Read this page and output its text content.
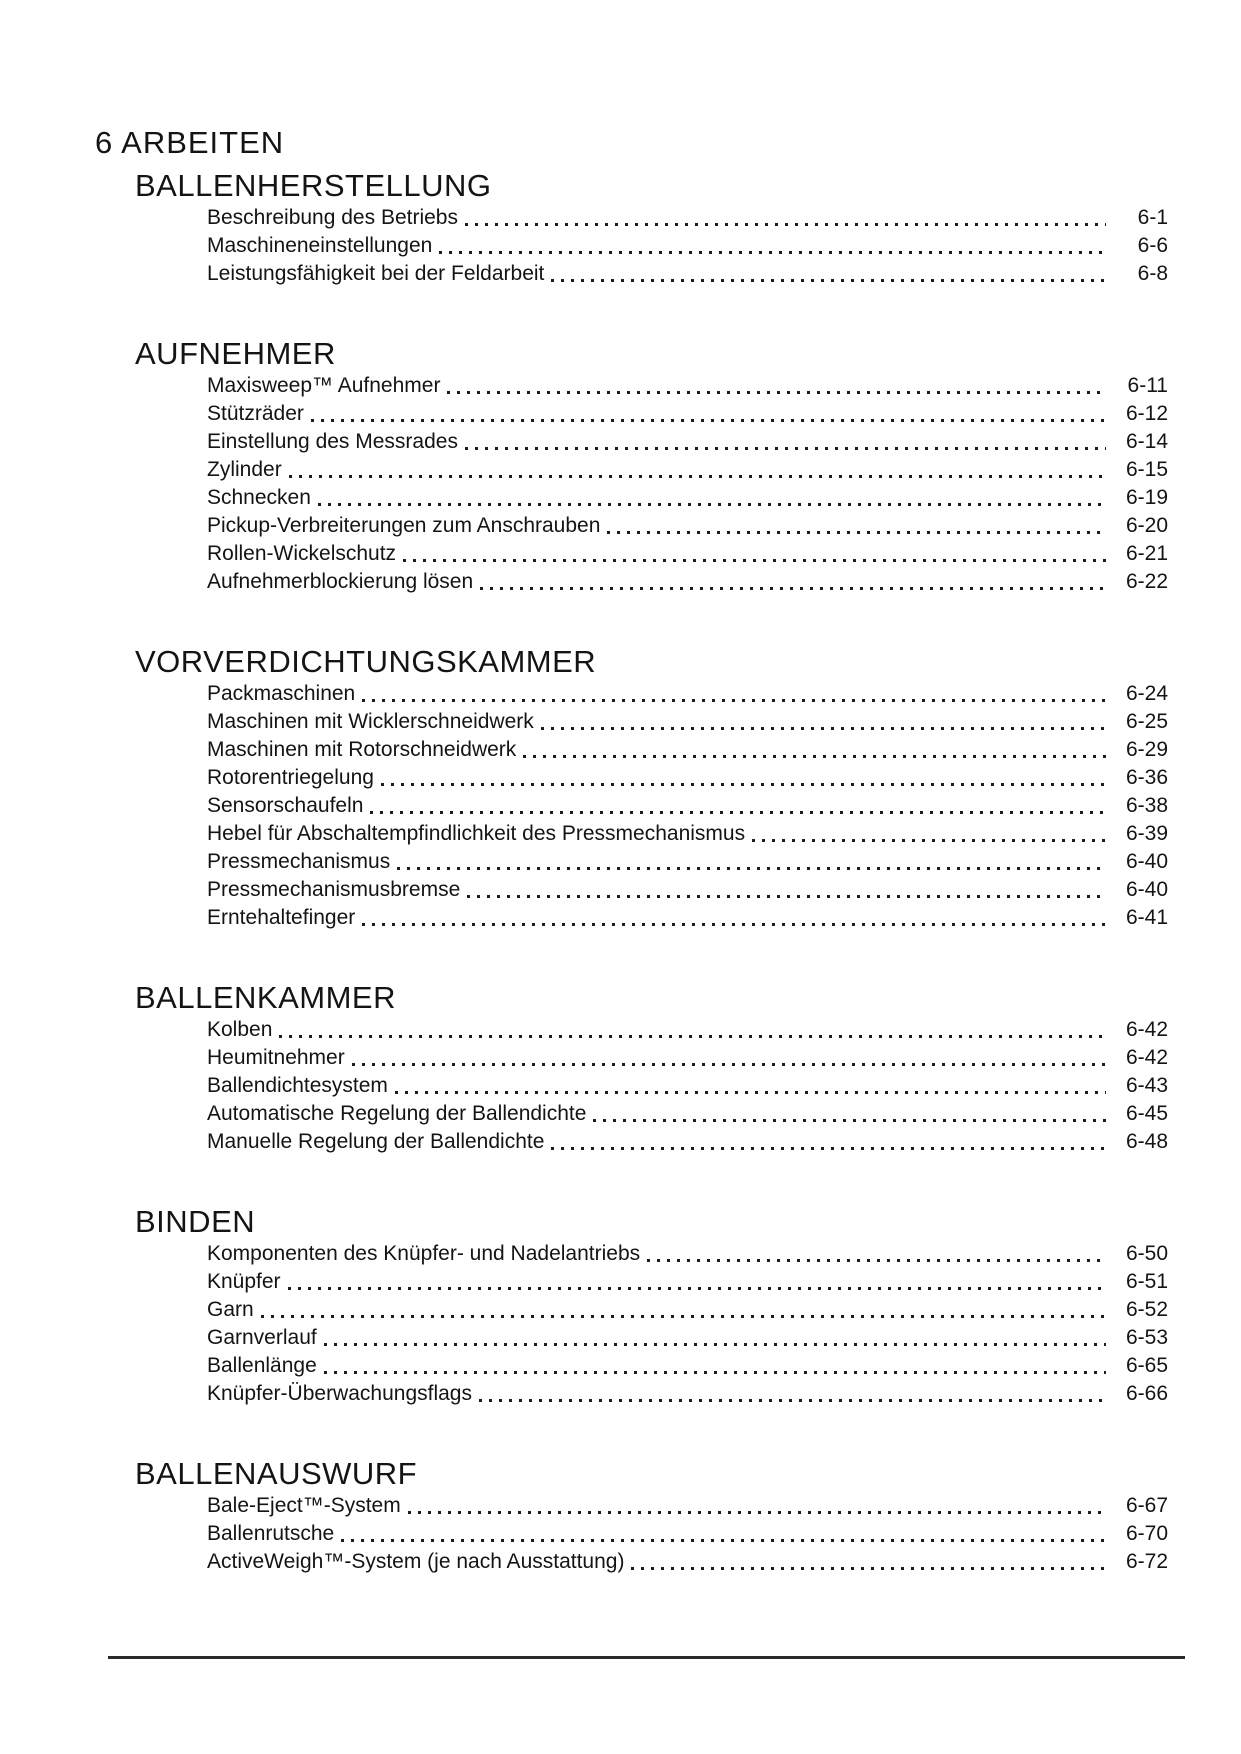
6 ARBEITEN
BALLENHERSTELLUNG
Beschreibung des Betriebs	6-1
Maschineneinstellungen	6-6
Leistungsfähigkeit bei der Feldarbeit	6-8
AUFNEHMER
Maxisweep™ Aufnehmer	6-11
Stützräder	6-12
Einstellung des Messrades	6-14
Zylinder	6-15
Schnecken	6-19
Pickup-Verbreiterungen zum Anschrauben	6-20
Rollen-Wickelschutz	6-21
Aufnehmerblockierung lösen	6-22
VORVERDICHTUNGSKAMMER
Packmaschinen	6-24
Maschinen mit Wicklerschneidwerk	6-25
Maschinen mit Rotorschneidwerk	6-29
Rotorentriegelung	6-36
Sensorschaufeln	6-38
Hebel für Abschaltempfindlichkeit des Pressmechanismus	6-39
Pressmechanismus	6-40
Pressmechanismusbremse	6-40
Erntehaltefinger	6-41
BALLENKAMMER
Kolben	6-42
Heumitnehmer	6-42
Ballendichtesystem	6-43
Automatische Regelung der Ballendichte	6-45
Manuelle Regelung der Ballendichte	6-48
BINDEN
Komponenten des Knüpfer- und Nadelantriebs	6-50
Knüpfer	6-51
Garn	6-52
Garnverlauf	6-53
Ballenlänge	6-65
Knüpfer-Überwachungsflags	6-66
BALLENAUSWURF
Bale-Eject™-System	6-67
Ballenrutsche	6-70
ActiveWeigh™-System (je nach Ausstattung)	6-72
